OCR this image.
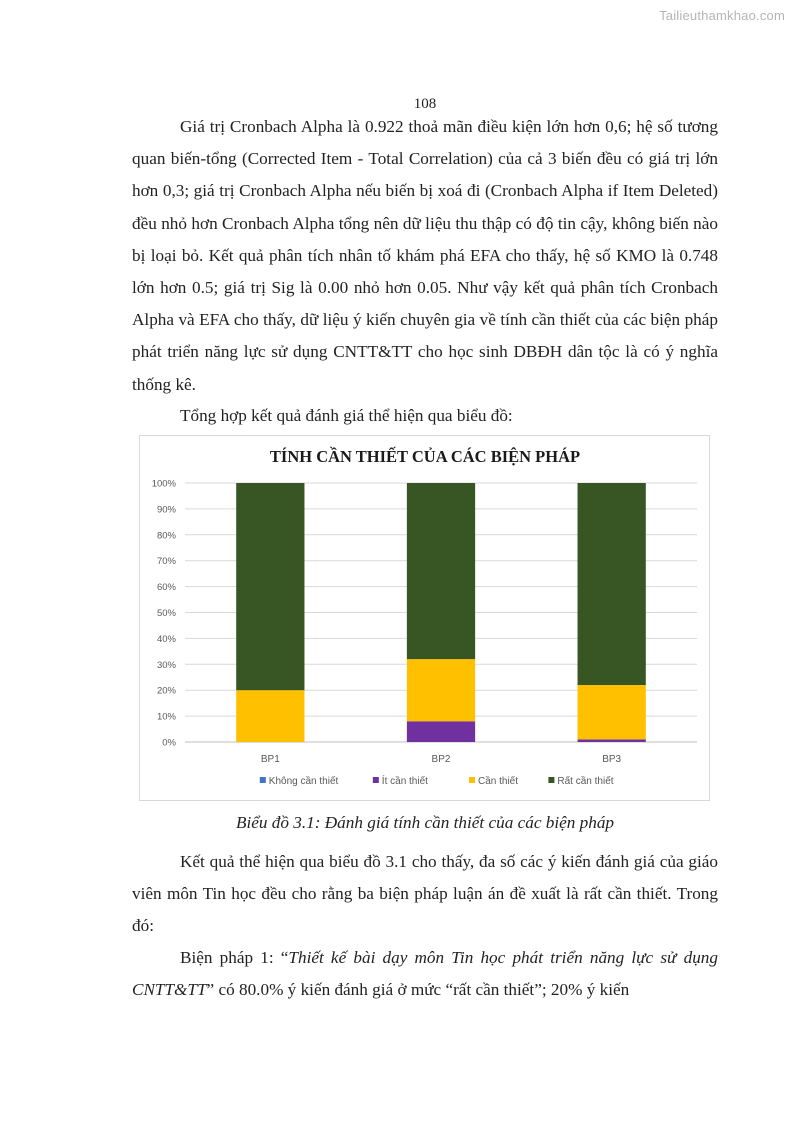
Tailieuthamkhao.com
108
Giá trị Cronbach Alpha là 0.922 thoả mãn điều kiện lớn hơn 0,6; hệ số tương quan biến-tổng (Corrected Item - Total Correlation) của cả 3 biến đều có giá trị lớn hơn 0,3; giá trị Cronbach Alpha nếu biến bị xoá đi (Cronbach Alpha if Item Deleted) đều nhỏ hơn Cronbach Alpha tổng nên dữ liệu thu thập có độ tin cậy, không biến nào bị loại bỏ. Kết quả phân tích nhân tố khám phá EFA cho thấy, hệ số KMO là 0.748 lớn hơn 0.5; giá trị Sig là 0.00 nhỏ hơn 0.05. Như vậy kết quả phân tích Cronbach Alpha và EFA cho thấy, dữ liệu ý kiến chuyên gia về tính cần thiết của các biện pháp phát triển năng lực sử dụng CNTT&TT cho học sinh DBĐH dân tộc là có ý nghĩa thống kê.
Tổng hợp kết quả đánh giá thể hiện qua biểu đồ:
TÍNH CẦN THIẾT CỦA CÁC BIỆN PHÁP
0%
10%
20%
30%
40%
50%
60%
70%
80%
90%
100%
BP1	BP2	BP3
Không cần thiết	Ít cần thiết	Cần thiết	Rất cần thiết
Biểu đồ 3.1: Đánh giá tính cần thiết của các biện pháp
Kết quả thể hiện qua biểu đồ 3.1 cho thấy, đa số các ý kiến đánh giá của giáo viên môn Tin học đều cho rằng ba biện pháp luận án đề xuất là rất cần thiết. Trong đó:
Biện pháp 1: “Thiết kế bài dạy môn Tin học phát triển năng lực sử dụng CNTT&TT” có 80.0% ý kiến đánh giá ở mức “rất cần thiết”; 20% ý kiến
